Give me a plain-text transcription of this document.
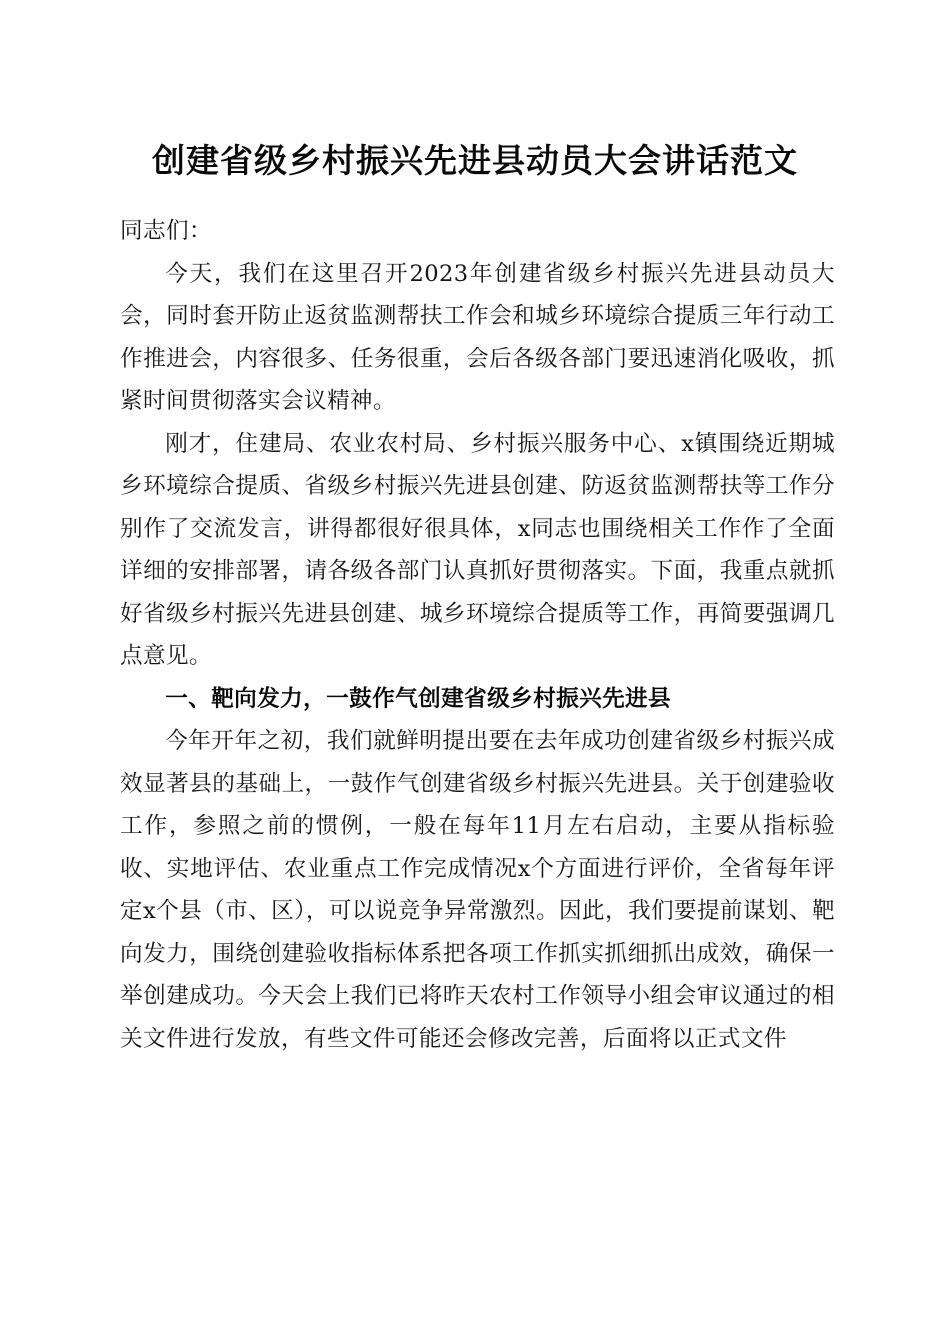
创建省级乡村振兴先进县动员大会讲话范文

同志们：

今天，我们在这里召开2023年创建省级乡村振兴先进县动员大会，同时套开防止返贫监测帮扶工作会和城乡环境综合提质三年行动工作推进会，内容很多、任务很重，会后各级各部门要迅速消化吸收，抓紧时间贯彻落实会议精神。

刚才，住建局、农业农村局、乡村振兴服务中心、x镇围绕近期城乡环境综合提质、省级乡村振兴先进县创建、防返贫监测帮扶等工作分别作了交流发言，讲得都很好很具体，x同志也围绕相关工作作了全面详细的安排部署，请各级各部门认真抓好贯彻落实。下面，我重点就抓好省级乡村振兴先进县创建、城乡环境综合提质等工作，再简要强调几点意见。

一、靶向发力，一鼓作气创建省级乡村振兴先进县

今年开年之初，我们就鲜明提出要在去年成功创建省级乡村振兴成效显著县的基础上，一鼓作气创建省级乡村振兴先进县。关于创建验收工作，参照之前的惯例，一般在每年11月左右启动，主要从指标验收、实地评估、农业重点工作完成情况x个方面进行评价，全省每年评定x个县（市、区），可以说竞争异常激烈。因此，我们要提前谋划、靶向发力，围绕创建验收指标体系把各项工作抓实抓细抓出成效，确保一举创建成功。今天会上我们已将昨天农村工作领导小组会审议通过的相关文件进行发放，有些文件可能还会修改完善，后面将以正式文件
